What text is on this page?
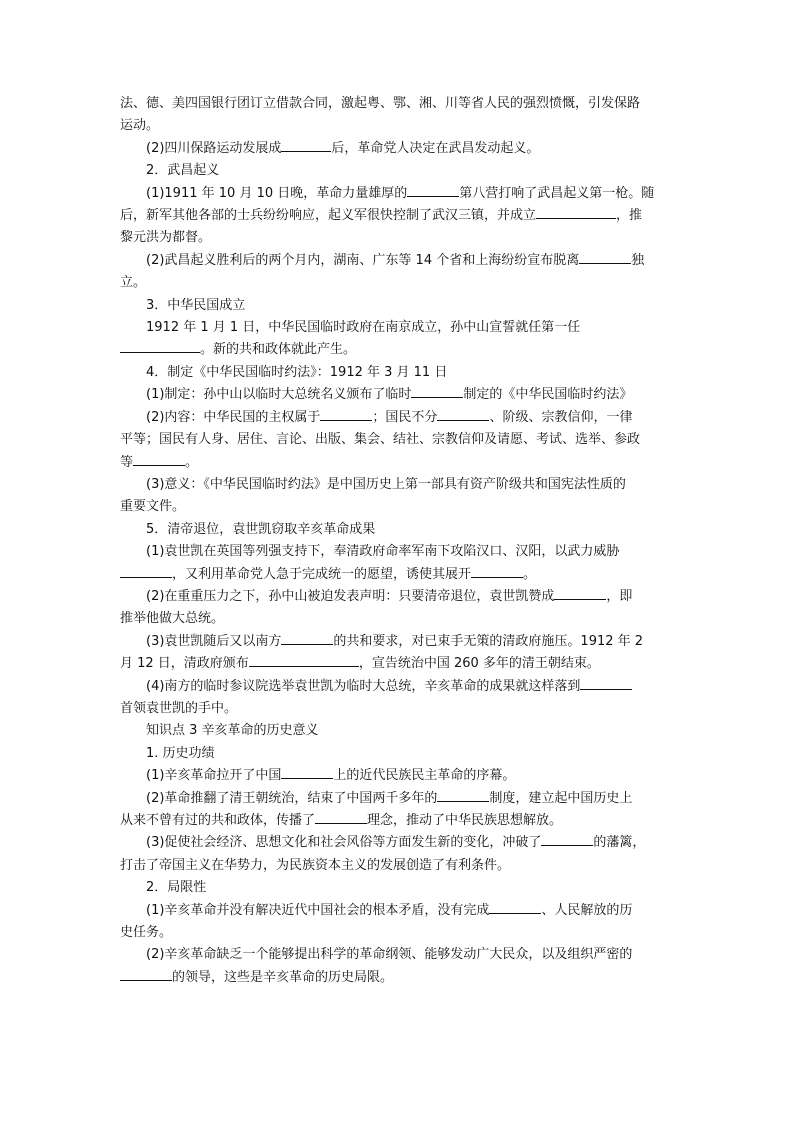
法、德、美四国银行团订立借款合同，激起粤、鄂、湘、川等省人民的强烈愤慨，引发保路

运动。

(2)四川保路运动发展成	后，革命党人决定在武昌发动起义。

2．武昌起义

(1)1911 年 10 月 10 日晚，革命力量雄厚的	第八营打响了武昌起义第一枪。随

后，新军其他各部的士兵纷纷响应，起义军很快控制了武汉三镇，并成立	，推

黎元洪为都督。

(2)武昌起义胜利后的两个月内，湖南、广东等 14 个省和上海纷纷宣布脱离	独

立。

3．中华民国成立

1912 年 1 月 1 日，中华民国临时政府在南京成立，孙中山宣誓就任第一任

。新的共和政体就此产生。

4．制定《中华民国临时约法》：1912 年 3 月 11 日

(1)制定：孙中山以临时大总统名义颁布了临时	制定的《中华民国临时约法》

(2)内容：中华民国的主权属于	；国民不分	、阶级、宗教信仰，一律

平等；国民有人身、居住、言论、出版、集会、结社、宗教信仰及请愿、考试、选举、参政

等	。

(3)意义：《中华民国临时约法》是中国历史上第一部具有资产阶级共和国宪法性质的

重要文件。

5．清帝退位，袁世凯窃取辛亥革命成果

(1)袁世凯在英国等列强支持下，奉清政府命率军南下攻陷汉口、汉阳，以武力威胁

，又利用革命党人急于完成统一的愿望，诱使其展开	。

(2)在重重压力之下，孙中山被迫发表声明：只要清帝退位，袁世凯赞成	，即

推举他做大总统。

(3)袁世凯随后又以南方	的共和要求，对已束手无策的清政府施压。1912 年 2

月 12 日，清政府颁布	，宣告统治中国 260 多年的清王朝结束。

(4)南方的临时参议院选举袁世凯为临时大总统，辛亥革命的成果就这样落到

首领袁世凯的手中。

知识点 3 辛亥革命的历史意义

1. 历史功绩

(1)辛亥革命拉开了中国	上的近代民族民主革命的序幕。

(2)革命推翻了清王朝统治，结束了中国两千多年的	制度，建立起中国历史上

从来不曾有过的共和政体，传播了	理念，推动了中华民族思想解放。

(3)促使社会经济、思想文化和社会风俗等方面发生新的变化，冲破了	的藩篱，

打击了帝国主义在华势力，为民族资本主义的发展创造了有利条件。

2．局限性

(1)辛亥革命并没有解决近代中国社会的根本矛盾，没有完成	、人民解放的历

史任务。

(2)辛亥革命缺乏一个能够提出科学的革命纲领、能够发动广大民众，以及组织严密的

的领导，这些是辛亥革命的历史局限。
